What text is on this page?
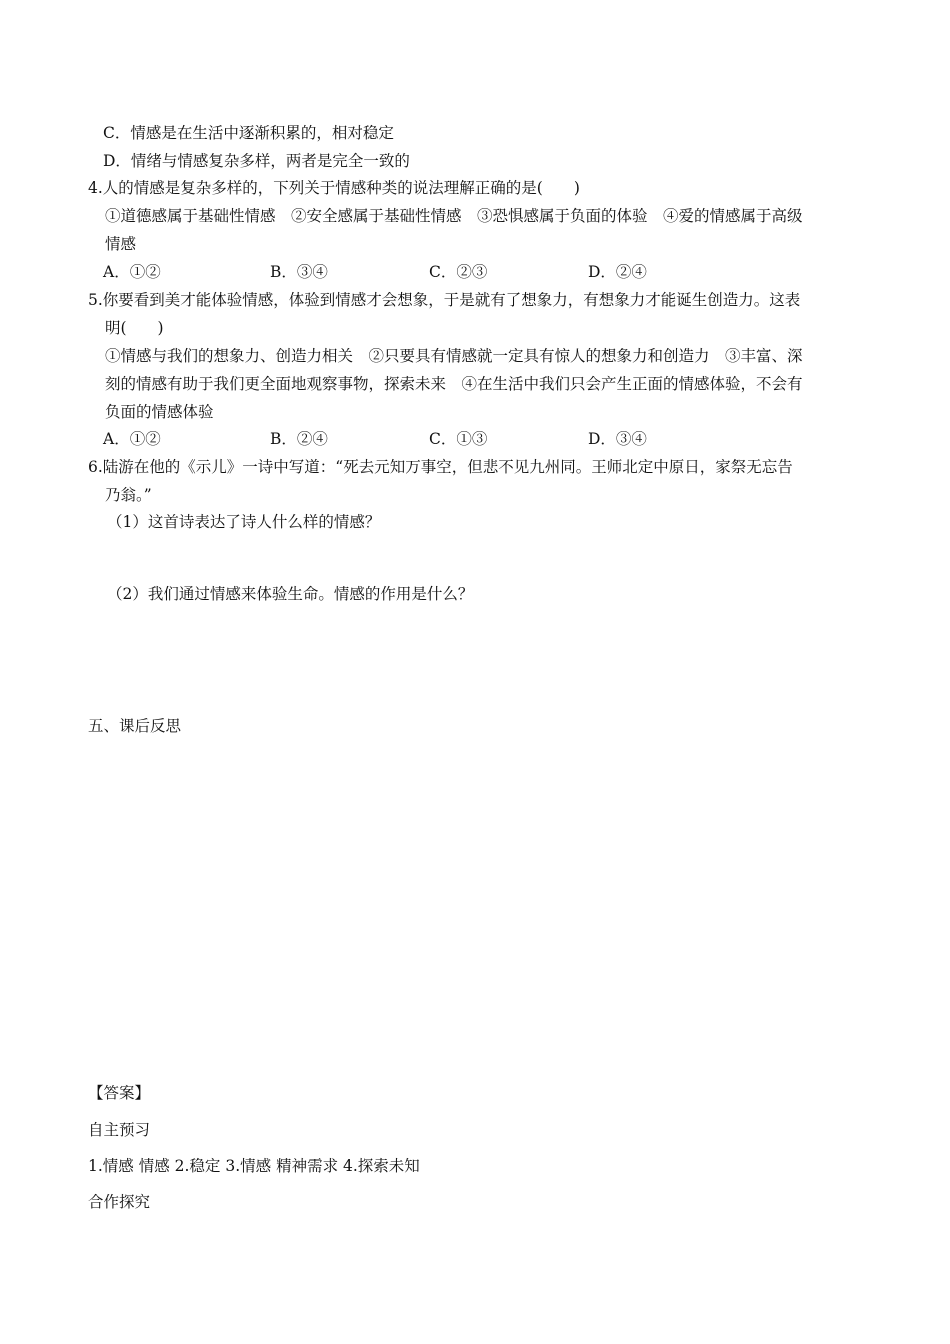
C．情感是在生活中逐渐积累的，相对稳定
D．情绪与情感复杂多样，两者是完全一致的
4.人的情感是复杂多样的，下列关于情感种类的说法理解正确的是(　　)
①道德感属于基础性情感　②安全感属于基础性情感　③恐惧感属于负面的体验　④爱的情感属于高级
情感
A．①②	B．③④	C．②③	D．②④
5.你要看到美才能体验情感，体验到情感才会想象，于是就有了想象力，有想象力才能诞生创造力。这表
明(　　)
①情感与我们的想象力、创造力相关　②只要具有情感就一定具有惊人的想象力和创造力　③丰富、深
刻的情感有助于我们更全面地观察事物，探索未来　④在生活中我们只会产生正面的情感体验，不会有
负面的情感体验
A．①②	B．②④	C．①③	D．③④
6.陆游在他的《示儿》一诗中写道：“死去元知万事空，但悲不见九州同。王师北定中原日，家祭无忘告
乃翁。”
（1）这首诗表达了诗人什么样的情感？
（2）我们通过情感来体验生命。情感的作用是什么？
五、课后反思
【答案】
自主预习
1.情感 情感 2.稳定 3.情感 精神需求 4.探索未知
合作探究
